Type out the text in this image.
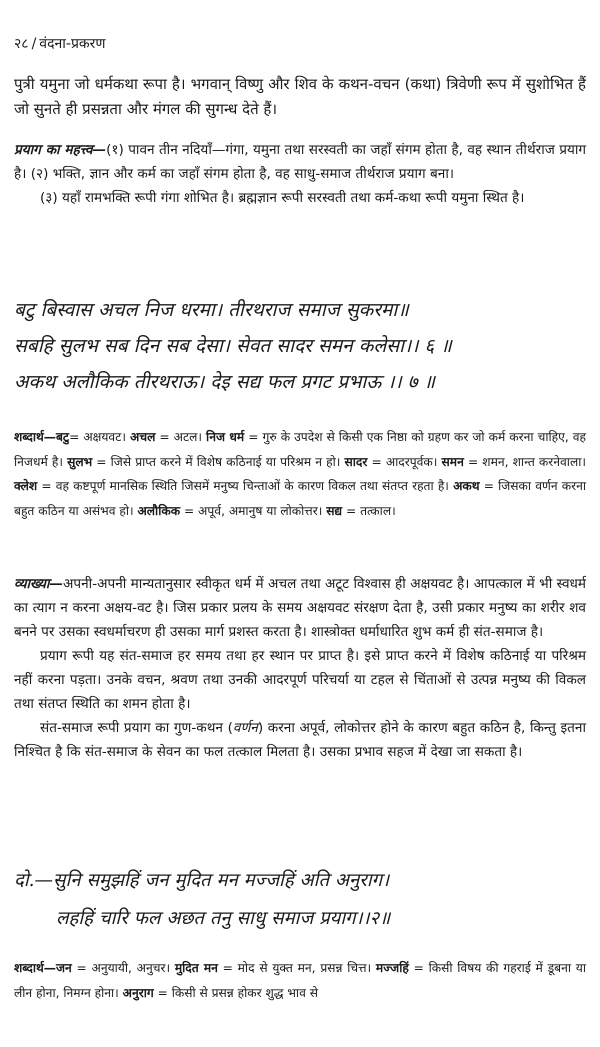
२८ / वंदना-प्रकरण

पुत्री यमुना जो धर्मकथा रूपा है। भगवान् विष्णु और शिव के कथन-वचन (कथा) त्रिवेणी रूप में सुशोभित हैं जो सुनते ही प्रसन्नता और मंगल की सुगन्ध देते हैं।

प्रयाग का महत्त्व—(१) पावन तीन नदियाँ—गंगा, यमुना तथा सरस्वती का जहाँ संगम होता है, वह स्थान तीर्थराज प्रयाग है। (२) भक्ति, ज्ञान और कर्म का जहाँ संगम होता है, वह साधु-समाज तीर्थराज प्रयाग बना।

(३) यहाँ रामभक्ति रूपी गंगा शोभित है। ब्रह्मज्ञान रूपी सरस्वती तथा कर्म-कथा रूपी यमुना स्थित है।

बटु बिस्वास अचल निज धरमा। तीरथराज समाज सुकरमा॥

सबहि सुलभ सब दिन सब देसा। सेवत सादर समन कलेसा।। ६ ॥

अकथ अलौकिक तीरथराऊ। देइ सद्य फल प्रगट प्रभाऊ ।। ७ ॥

शब्दार्थ—बटु= अक्षयवट। अचल = अटल। निज धर्म = गुरु के उपदेश से किसी एक निष्ठा को ग्रहण कर जो कर्म करना चाहिए, वह निजधर्म है। सुलभ = जिसे प्राप्त करने में विशेष कठिनाई या परिश्रम न हो। सादर = आदरपूर्वक। समन = शमन, शान्त करनेवाला। क्लेश = वह कष्टपूर्ण मानसिक स्थिति जिसमें मनुष्य चिन्ताओं के कारण विकल तथा संतप्त रहता है। अकथ = जिसका वर्णन करना बहुत कठिन या असंभव हो। अलौकिक = अपूर्व, अमानुष या लोकोत्तर। सद्य = तत्काल।

व्याख्या—अपनी-अपनी मान्यतानुसार स्वीकृत धर्म में अचल तथा अटूट विश्वास ही अक्षयवट है। आपत्काल में भी स्वधर्म का त्याग न करना अक्षय-वट है। जिस प्रकार प्रलय के समय अक्षयवट संरक्षण देता है, उसी प्रकार मनुष्य का शरीर शव बनने पर उसका स्वधर्माचरण ही उसका मार्ग प्रशस्त करता है। शास्त्रोक्त धर्माधारित शुभ कर्म ही संत-समाज है।

प्रयाग रूपी यह संत-समाज हर समय तथा हर स्थान पर प्राप्त है। इसे प्राप्त करने में विशेष कठिनाई या परिश्रम नहीं करना पड़ता। उनके वचन, श्रवण तथा उनकी आदरपूर्ण परिचर्या या टहल से चिंताओं से उत्पन्न मनुष्य की विकल तथा संतप्त स्थिति का शमन होता है।

संत-समाज रूपी प्रयाग का गुण-कथन (वर्णन) करना अपूर्व, लोकोत्तर होने के कारण बहुत कठिन है, किन्तु इतना निश्चित है कि संत-समाज के सेवन का फल तत्काल मिलता है। उसका प्रभाव सहज में देखा जा सकता है।

दो.—सुनि समुझहिं जन मुदित मन मज्जहिं अति अनुराग।

लहहिं चारि फल अछत तनु साधु समाज प्रयाग।।२॥

शब्दार्थ—जन = अनुयायी, अनुचर। मुदित मन = मोद से युक्त मन, प्रसन्न चित्त। मज्जहिं = किसी विषय की गहराई में डूबना या लीन होना, निमग्न होना। अनुराग = किसी से प्रसन्न होकर शुद्ध भाव से
